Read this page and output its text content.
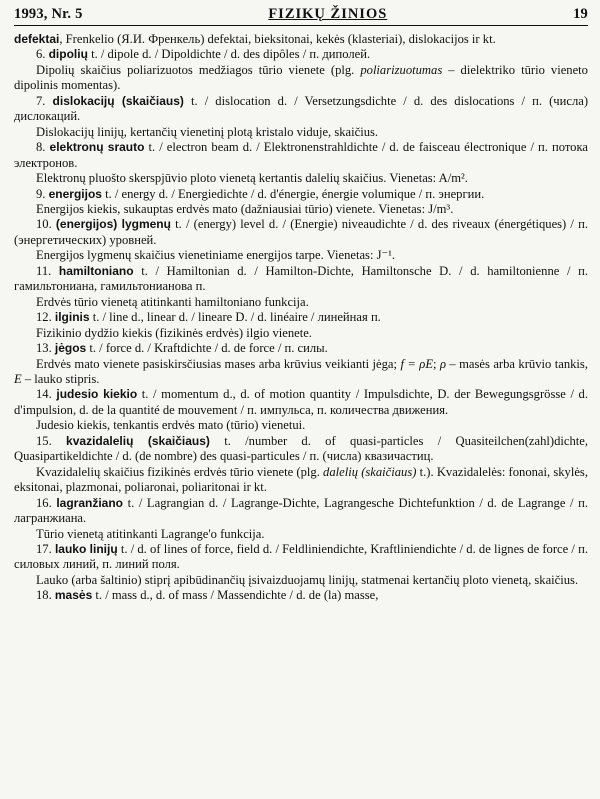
1993, Nr. 5	FIZIKŲ ŽINIOS	19

defektai, Frenkelio (Я.И. Френкель) defektai, bieksitonai, kekės (klasteriai), dislokacijos ir kt.

6. dipolių t. / dipole d. / Dipoldichte / d. des dipôles / п. диполей.

Dipolių skaičius poliarizuotos medžiagos tūrio vienete (plg. poliarizuotumas – dielektriko tūrio vieneto dipolinis momentas).

7. dislokacijų (skaičiaus) t. / dislocation d. / Versetzungsdichte / d. des dislocations / п. (числа) дислокаций.

Dislokacijų linijų, kertančių vienetinį plotą kristalo viduje, skaičius.

8. elektronų srauto t. / electron beam d. / Elektronenstrahldichte / d. de faisceau électronique / п. потока электронов.

Elektronų pluošto skerspjūvio ploto vienetą kertantis dalelių skaičius. Vienetas: A/m².

9. energijos t. / energy d. / Energiedichte / d. d'énergie, énergie volumique / п. энергии.

Energijos kiekis, sukauptas erdvės mato (dažniausiai tūrio) vienete. Vienetas: J/m³.

10. (energijos) lygmenų t. / (energy) level d. / (Energie) niveaudichte / d. des riveaux (énergétiques) / п. (энергетических) уровней.

Energijos lygmenų skaičius vienetiniame energijos tarpe. Vienetas: J⁻¹.

11. hamiltoniano t. / Hamiltonian d. / Hamilton-Dichte, Hamiltonsche D. / d. hamiltonienne / п. гамильтониана, гамильтонианова п.

Erdvės tūrio vienetą atitinkanti hamiltoniano funkcija.

12. ilginis t. / line d., linear d. / lineare D. / d. linéaire / линейная п.

Fizikinio dydžio kiekis (fizikinės erdvės) ilgio vienete.

13. jėgos t. / force d. / Kraftdichte / d. de force / п. силы.

Erdvės mato vienete pasiskirsčiusias mases arba krūvius veikianti jėga; f = ρE; ρ – masės arba krūvio tankis, E – lauko stipris.

14. judesio kiekio t. / momentum d., d. of motion quantity / Impulsdichte, D. der Bewegungsgrösse / d. d'impulsion, d. de la quantité de mouvement / п. импульса, п. количества движения.

Judesio kiekis, tenkantis erdvės mato (tūrio) vienetui.

15. kvazidalelių (skaičiaus) t. /number d. of quasi-particles / Quasiteilchen(zahl)dichte, Quasipartikeldichte / d. (de nombre) des quasi-particules / п. (числа) квазичастиц.

Kvazidalelių skaičius fizikinės erdvės tūrio vienete (plg. dalelių (skaičiaus) t.). Kvazidalelės: fononai, skylės, eksitonai, plazmonai, poliaronai, poliaritonai ir kt.

16. lagranžiano t. / Lagrangian d. / Lagrange-Dichte, Lagrangesche Dichtefunktion / d. de Lagrange / п. лагранжиана.

Tūrio vienetą atitinkanti Lagrange'o funkcija.

17. lauko linijų t. / d. of lines of force, field d. / Feldliniendichte, Kraftliniendichte / d. de lignes de force / п. силовых линий, п. линий поля.

Lauko (arba šaltinio) stiprį apibūdinančių įsivaizduojamų linijų, statmenai kertančių ploto vienetą, skaičius.

18. masės t. / mass d., d. of mass / Massendichte / d. de (la) masse,
